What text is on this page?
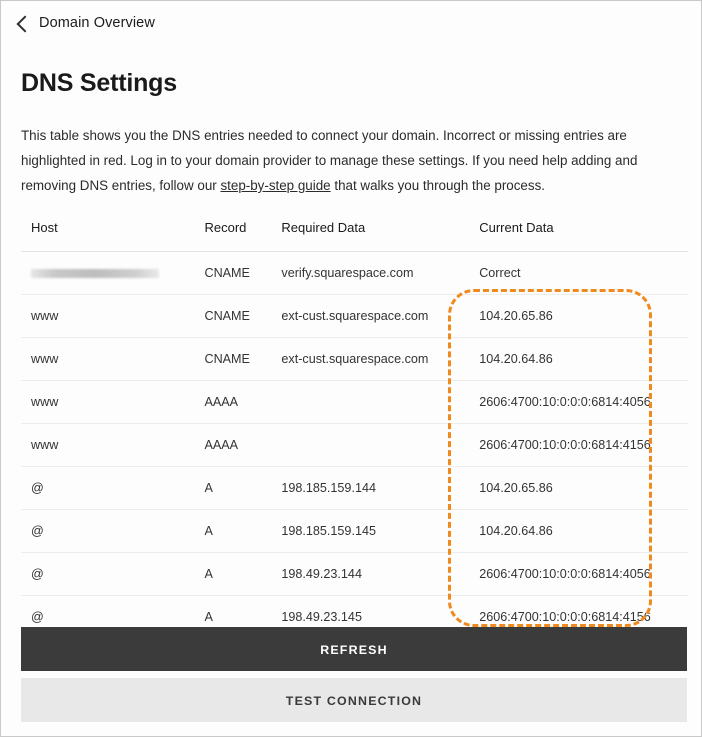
Domain Overview
DNS Settings
This table shows you the DNS entries needed to connect your domain. Incorrect or missing entries are highlighted in red. Log in to your domain provider to manage these settings. If you need help adding and removing DNS entries, follow our step-by-step guide that walks you through the process.
Host	Record	Required Data	Current Data
	CNAME	verify.squarespace.com	Correct
www	CNAME	ext-cust.squarespace.com	104.20.65.86
www	CNAME	ext-cust.squarespace.com	104.20.64.86
www	AAAA		2606:4700:10:0:0:0:6814:4056
www	AAAA		2606:4700:10:0:0:0:6814:4156
@	A	198.185.159.144	104.20.65.86
@	A	198.185.159.145	104.20.64.86
@	A	198.49.23.144	2606:4700:10:0:0:0:6814:4056
@	A	198.49.23.145	2606:4700:10:0:0:0:6814:4156
REFRESH
TEST CONNECTION
